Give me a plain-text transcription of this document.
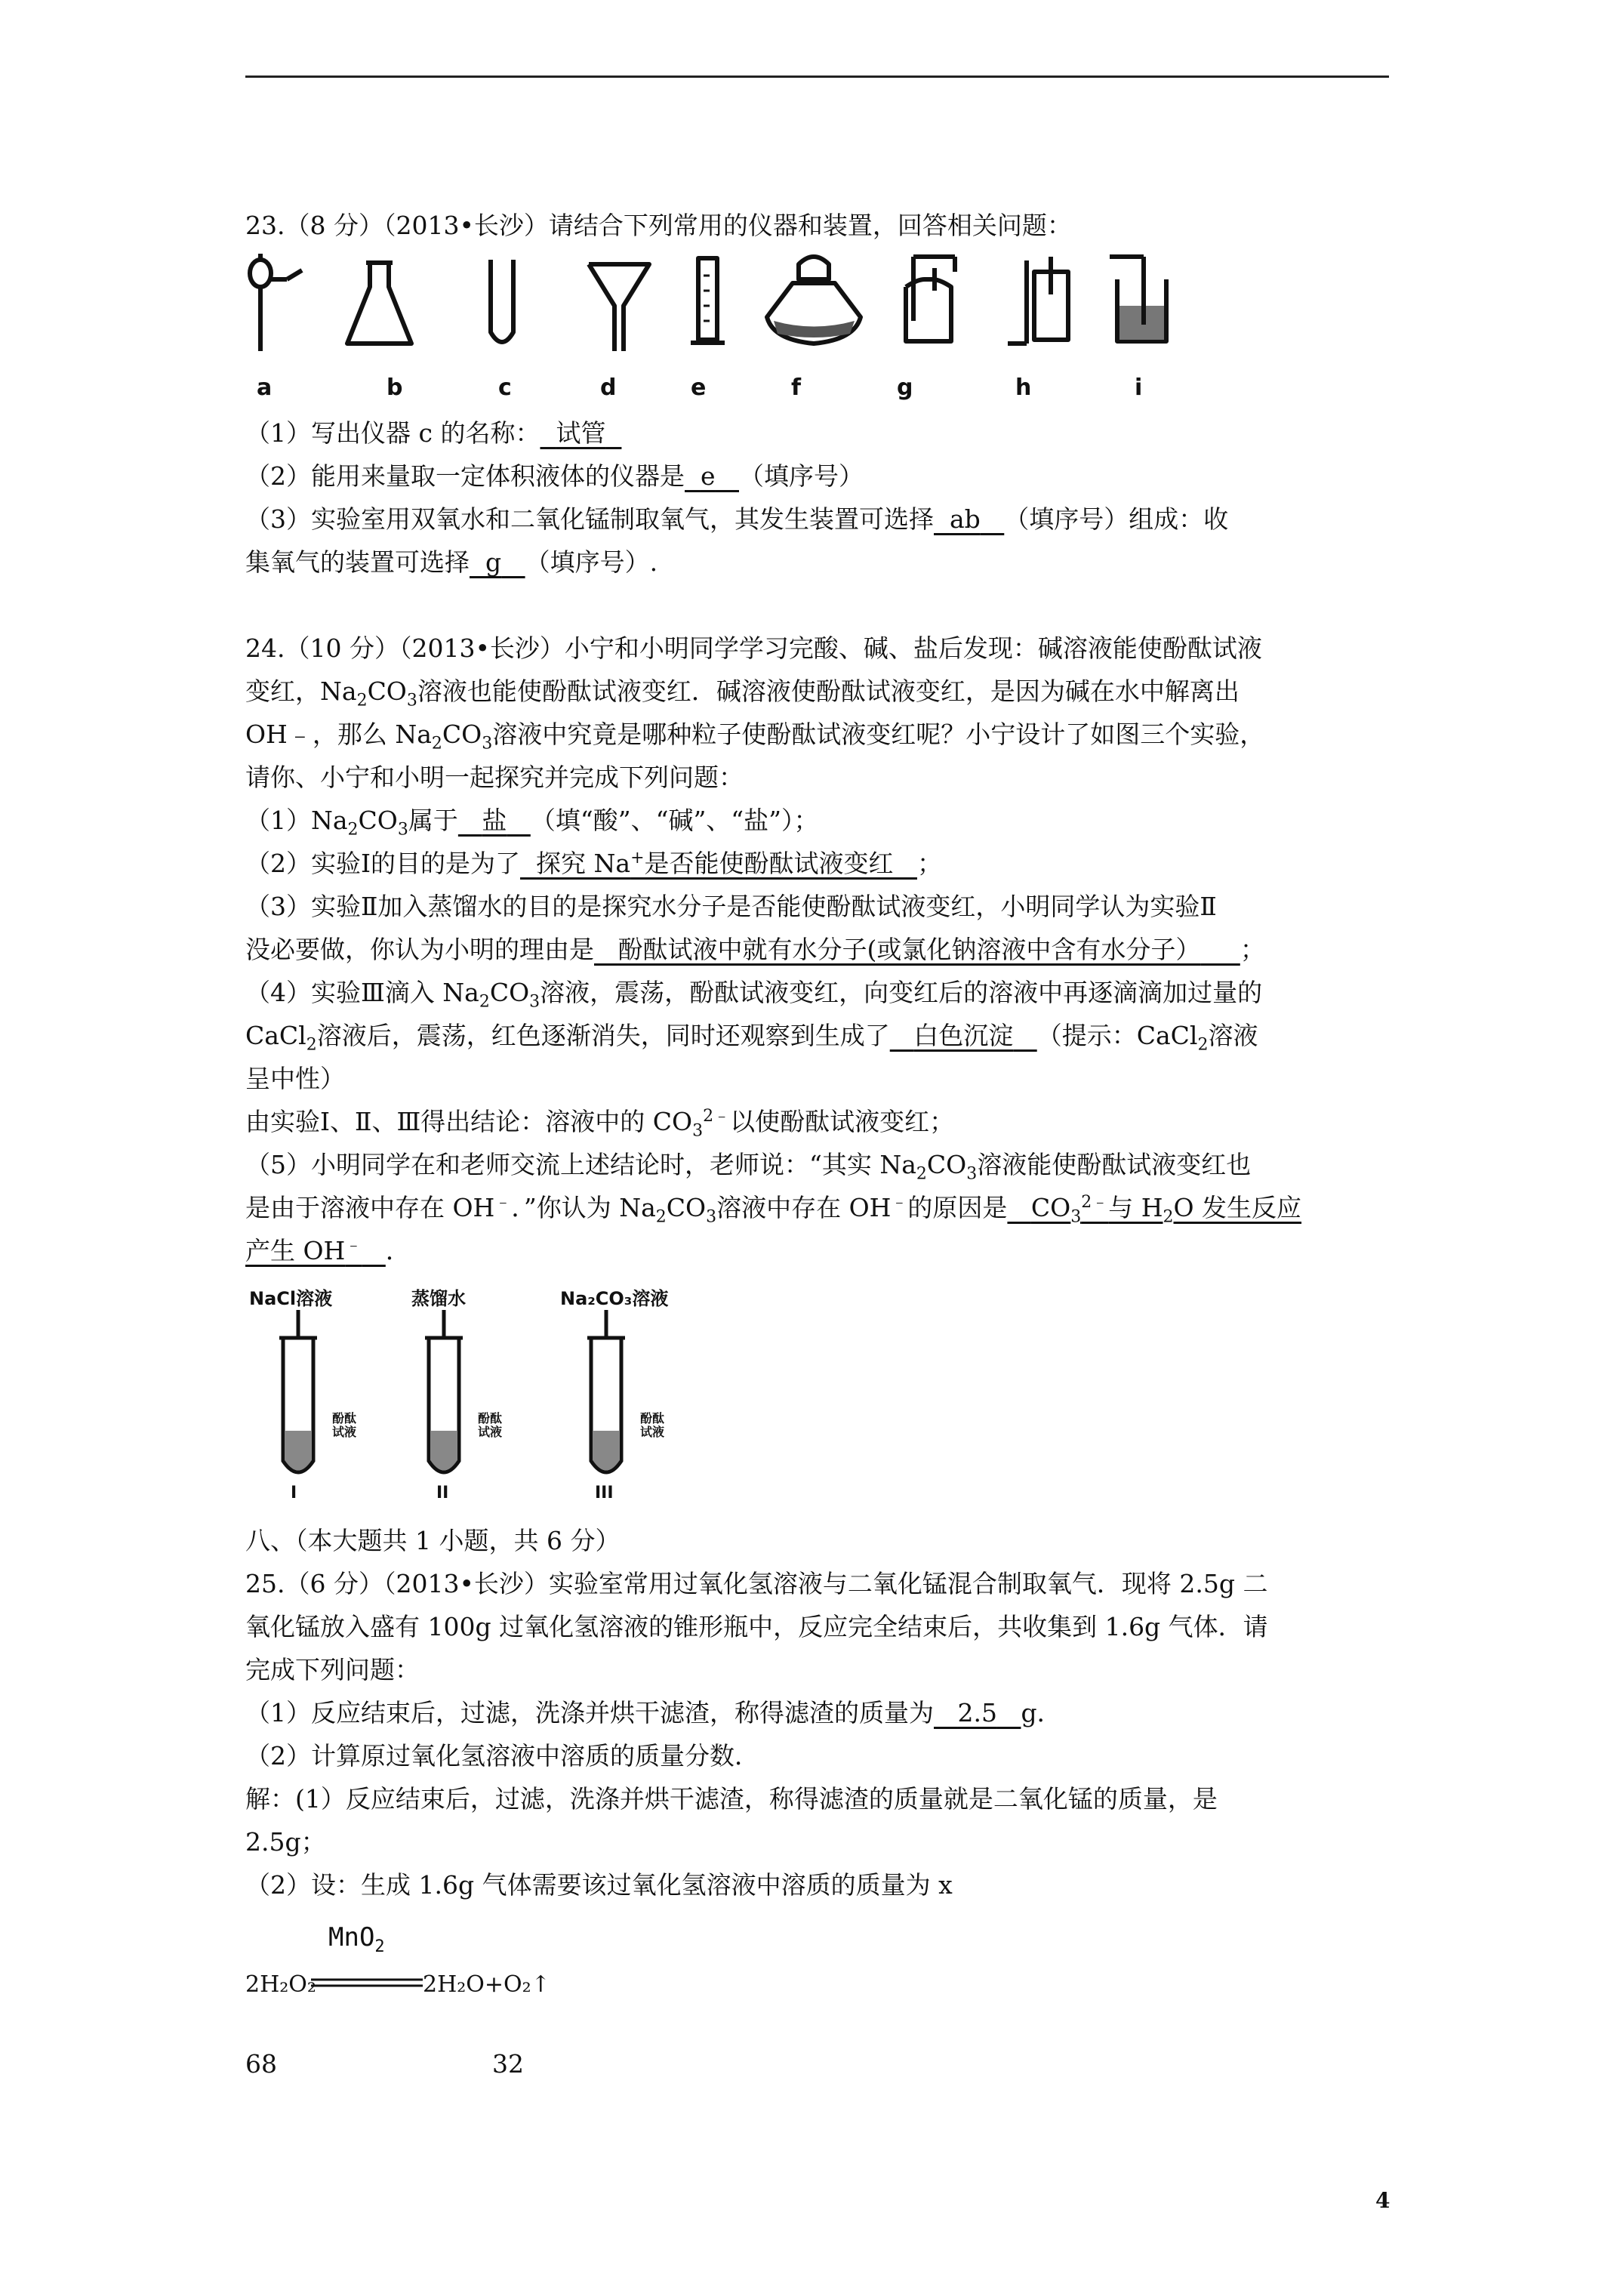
23.（8 分）（2013•长沙）请结合下列常用的仪器和装置，回答相关问题：
a	b	c	d	e	f	g	h	i
（1）写出仪器 c 的名称： 试管
（2）能用来量取一定体积液体的仪器是 e （填序号）
（3）实验室用双氧水和二氧化锰制取氧气，其发生装置可选择 ab （填序号）组成：收
集氧气的装置可选择 g （填序号）.
24.（10 分）（2013•长沙）小宁和小明同学学习完酸、碱、盐后发现：碱溶液能使酚酞试液
变红，$Na_2CO_3$溶液也能使酚酞试液变红．碱溶液使酚酞试液变红，是因为碱在水中解离出
OH﹣，那么 $Na_2CO_3$溶液中究竟是哪种粒子使酚酞试液变红呢？小宁设计了如图三个实验，
请你、小宁和小明一起探究并完成下列问题：
$(1)Na_2CO_3$属于 盐 （填“酸”、“碱”、“盐”）；
（2）实验Ⅰ的目的是为了 探究 Na+是否能使酚酞试液变红 ；
（3）实验Ⅱ加入蒸馏水的目的是探究水分子是否能使酚酞试液变红，小明同学认为实验Ⅱ
没必要做，你认为小明的理由是 酚酞试液中就有水分子(或氯化钠溶液中含有水分子） ；
（4）实验Ⅲ滴入 $Na_2CO_3$溶液，震荡，酚酞试液变红，向变红后的溶液中再逐滴滴加过量的
CaCl$_2$溶液后，震荡，红色逐渐消失，同时还观察到生成了 白色沉淀 （提示：CaCl$_2$溶液
呈中性）
由实验Ⅰ、Ⅱ、Ⅲ得出结论：溶液中的 $CO_3^{2﹣}$以使酚酞试液变红；
（5）小明同学在和老师交流上述结论时，老师说：“其实 $Na_2CO_3$溶液能使酚酞试液变红也
是由于溶液中存在 OH﹣．”你认为 $Na_2CO_3$溶液中存在 OH﹣的原因是 $CO_3^{2﹣}$与 $H_2O$ 发生反应
产生 OH﹣ ．
NaCl溶液	蒸馏水	Na₂CO₃溶液
酚酞试液
酚酞试液
酚酞试液
I	II	III
八、（本大题共 1 小题，共 6 分）
25.（6 分）（2013•长沙）实验室常用过氧化氢溶液与二氧化锰混合制取氧气．现将 2.5g 二
氧化锰放入盛有 100g 过氧化氢溶液的锥形瓶中，反应完全结束后，共收集到 1.6g 气体．请
完成下列问题：
（1）反应结束后，过滤，洗涤并烘干滤渣，称得滤渣的质量为 2.5 g．
（2）计算原过氧化氢溶液中溶质的质量分数．
解：(1）反应结束后，过滤，洗涤并烘干滤渣，称得滤渣的质量就是二氧化锰的质量，是
2.5g；
（2）设：生成 1.6g 气体需要该过氧化氢溶液中溶质的质量为 x
MnO$_2$
2H₂O₂	2H₂O+O₂↑
68	32
4
